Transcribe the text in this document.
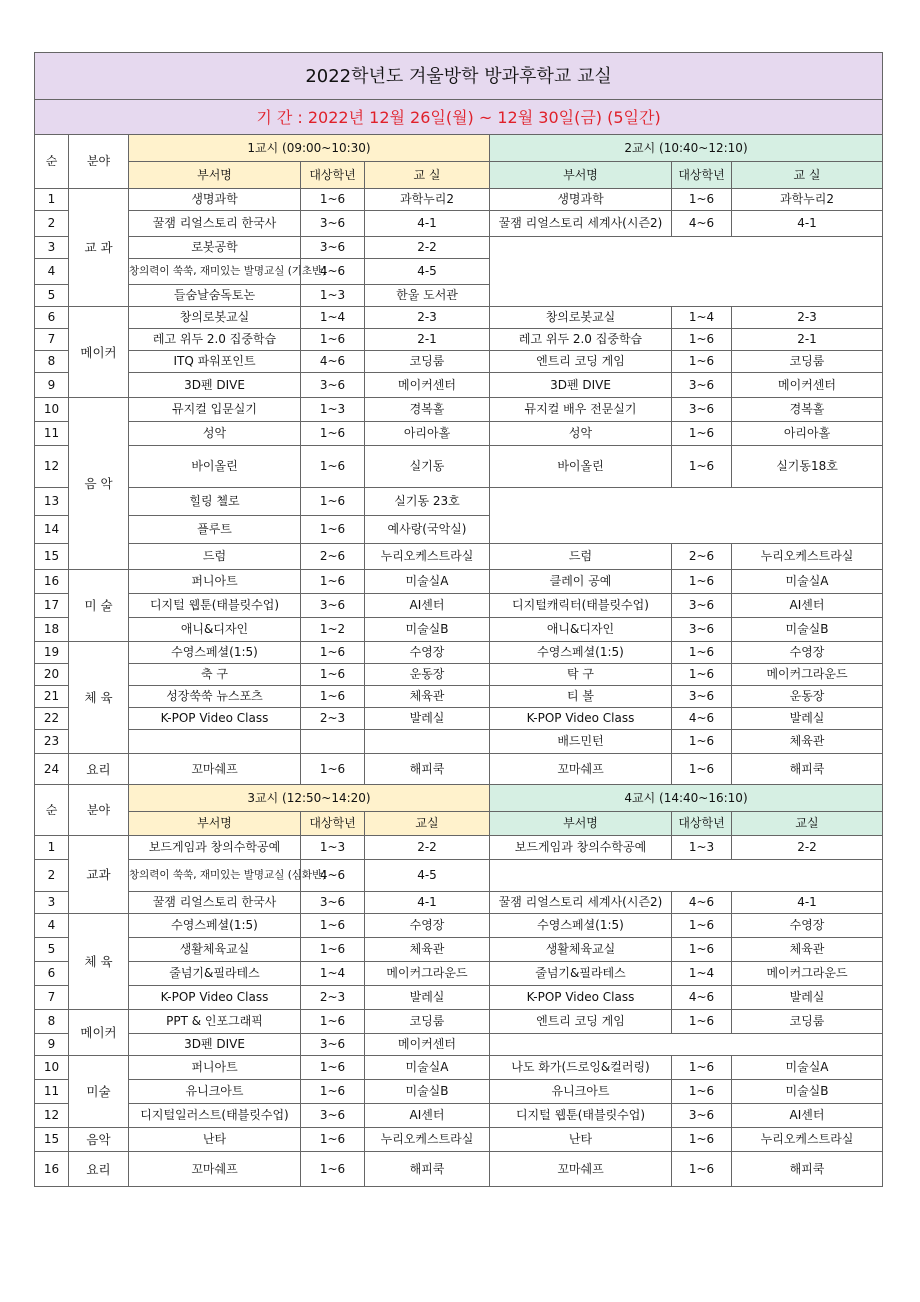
2022학년도 겨울방학 방과후학교 교실							
기 간 : 2022년 12월 26일(월) ~ 12월 30일(금) (5일간)							
순	분야	1교시 (09:00~10:30)			2교시 (10:40~12:10)		
		부서명	대상학년	교 실	부서명	대상학년	교 실
1	교 과	생명과학	1~6	과학누리2	생명과학	1~6	과학누리2
2		꿀잼 리얼스토리 한국사	3~6	4-1	꿀잼 리얼스토리 세계사(시즌2)	4~6	4-1
3		로봇공학	3~6	2-2			
4		창의력이 쑥쑥, 재미있는 발명교실 (기초반)	4~6	4-5			
5		들숨날숨독토논	1~3	한울 도서관			
6	메이커	창의로봇교실	1~4	2-3	창의로봇교실	1~4	2-3
7		레고 위두 2.0 집중학습	1~6	2-1	레고 위두 2.0 집중학습	1~6	2-1
8		ITQ 파워포인트	4~6	코딩룸	엔트리 코딩 게임	1~6	코딩룸
9		3D펜 DIVE	3~6	메이커센터	3D펜 DIVE	3~6	메이커센터
10	음 악	뮤지컬 입문실기	1~3	경복홀	뮤지컬 배우 전문실기	3~6	경복홀
11		성악	1~6	아리아홀	성악	1~6	아리아홀
12		바이올린	1~6	실기동	바이올린	1~6	실기동18호
13		힐링 첼로	1~6	실기동 23호			
14		플루트	1~6	예사랑(국악실)			
15		드럼	2~6	누리오케스트라실	드럼	2~6	누리오케스트라실
16	미 술	퍼니아트	1~6	미술실A	클레이 공예	1~6	미술실A
17		디지털 웹툰(태블릿수업)	3~6	AI센터	디지털캐릭터(태블릿수업)	3~6	AI센터
18		애니&디자인	1~2	미술실B	애니&디자인	3~6	미술실B
19	체 육	수영스페셜(1:5)	1~6	수영장	수영스페셜(1:5)	1~6	수영장
20		축 구	1~6	운동장	탁 구	1~6	메이커그라운드
21		성장쑥쑥 뉴스포츠	1~6	체육관	티 볼	3~6	운동장
22		K-POP Video Class	2~3	발레실	K-POP Video Class	4~6	발레실
23					배드민턴	1~6	체육관
24	요리	꼬마쉐프	1~6	해피쿡	꼬마쉐프	1~6	해피쿡
순	분야	3교시 (12:50~14:20)			4교시 (14:40~16:10)		
		부서명	대상학년	교실	부서명	대상학년	교실
1	교과	보드게임과 창의수학공예	1~3	2-2	보드게임과 창의수학공예	1~3	2-2
2		창의력이 쑥쑥, 재미있는 발명교실 (심화반)	4~6	4-5			
3		꿀잼 리얼스토리 한국사	3~6	4-1	꿀잼 리얼스토리 세계사(시즌2)	4~6	4-1
4	체 육	수영스페셜(1:5)	1~6	수영장	수영스페셜(1:5)	1~6	수영장
5		생활체육교실	1~6	체육관	생활체육교실	1~6	체육관
6		줄넘기&필라테스	1~4	메이커그라운드	줄넘기&필라테스	1~4	메이커그라운드
7		K-POP Video Class	2~3	발레실	K-POP Video Class	4~6	발레실
8	메이커	PPT & 인포그래픽	1~6	코딩룸	엔트리 코딩 게임	1~6	코딩룸
9		3D펜 DIVE	3~6	메이커센터			
10	미술	퍼니아트	1~6	미술실A	나도 화가(드로잉&컬러링)	1~6	미술실A
11		유니크아트	1~6	미술실B	유니크아트	1~6	미술실B
12		디지털일러스트(태블릿수업)	3~6	AI센터	디지털 웹툰(태블릿수업)	3~6	AI센터
15	음악	난타	1~6	누리오케스트라실	난타	1~6	누리오케스트라실
16	요리	꼬마쉐프	1~6	해피쿡	꼬마쉐프	1~6	해피쿡
